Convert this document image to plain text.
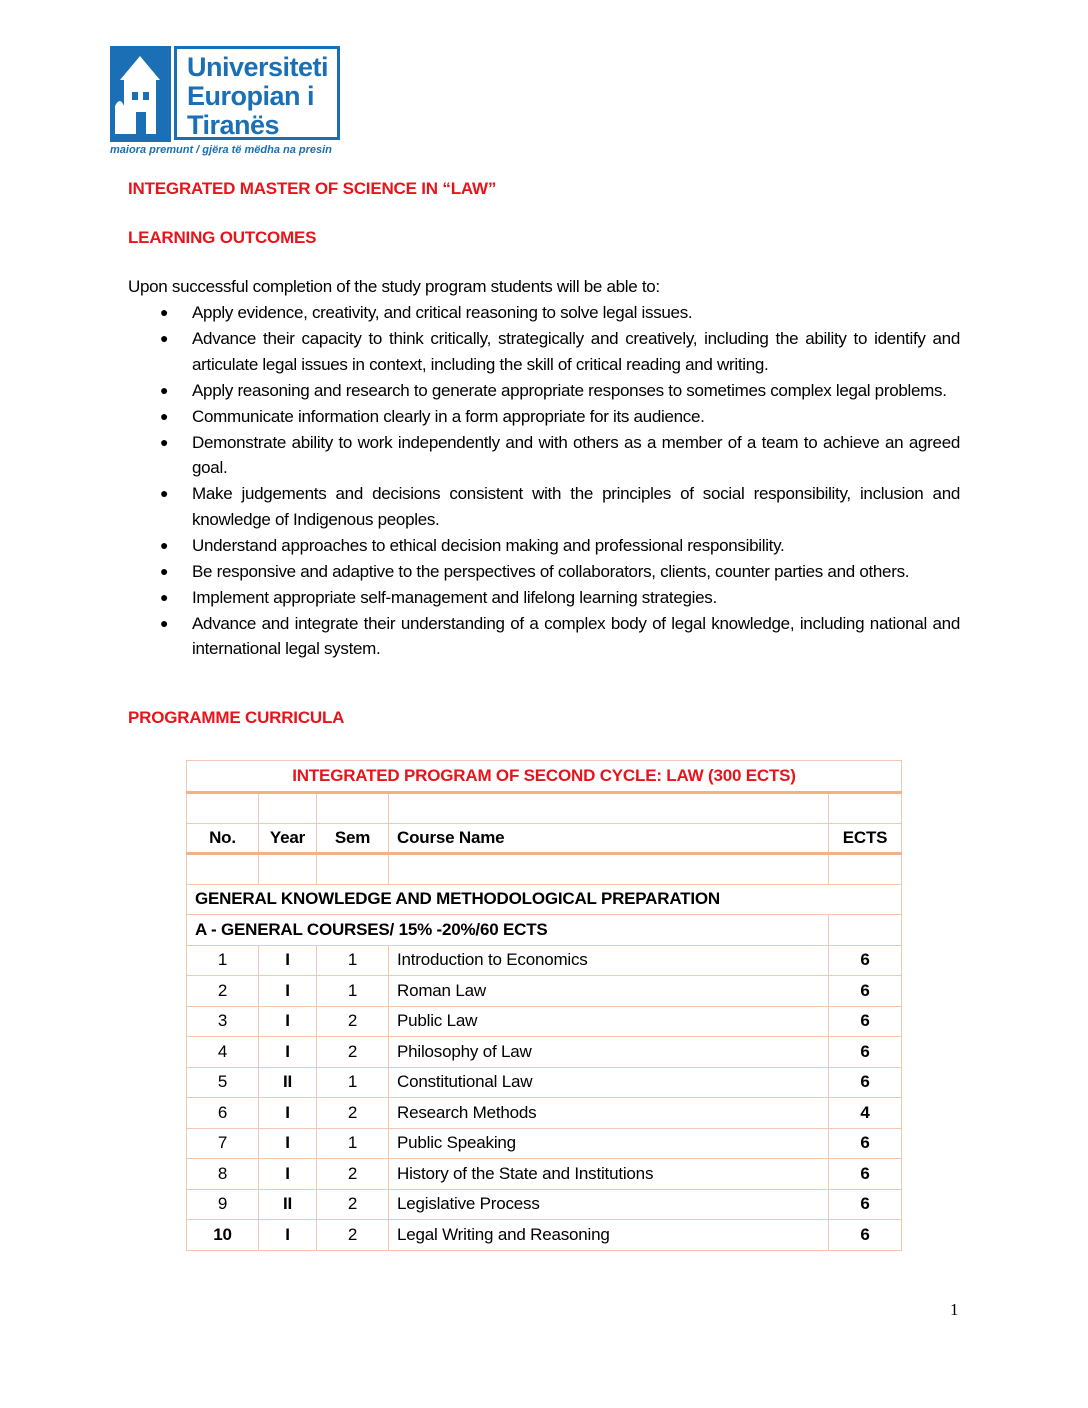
Universiteti
Europian i
Tiranës
maiora premunt / gjëra të mëdha na presin
INTEGRATED MASTER OF SCIENCE IN “LAW”
LEARNING OUTCOMES
Upon successful completion of the study program students will be able to:
● Apply evidence, creativity, and critical reasoning to solve legal issues.
● Advance their capacity to think critically, strategically and creatively, including the ability to identify and articulate legal issues in context, including the skill of critical reading and writing.
● Apply reasoning and research to generate appropriate responses to sometimes complex legal problems.
● Communicate information clearly in a form appropriate for its audience.
● Demonstrate ability to work independently and with others as a member of a team to achieve an agreed goal.
● Make judgements and decisions consistent with the principles of social responsibility, inclusion and knowledge of Indigenous peoples.
● Understand approaches to ethical decision making and professional responsibility.
● Be responsive and adaptive to the perspectives of collaborators, clients, counter parties and others.
● Implement appropriate self-management and lifelong learning strategies.
● Advance and integrate their understanding of a complex body of legal knowledge, including national and international legal system.
PROGRAMME CURRICULA
INTEGRATED PROGRAM OF SECOND CYCLE: LAW (300 ECTS)				

No.	Year	Sem	Course Name	ECTS

GENERAL KNOWLEDGE AND METHODOLOGICAL PREPARATION				
A - GENERAL COURSES/ 15% -20%/60 ECTS				
1	I	1	Introduction to Economics	6
2	I	1	Roman Law	6
3	I	2	Public Law	6
4	I	2	Philosophy of Law	6
5	II	1	Constitutional Law	6
6	I	2	Research Methods	4
7	I	1	Public Speaking	6
8	I	2	History of the State and Institutions	6
9	II	2	Legislative Process	6
10	I	2	Legal Writing and Reasoning	6
1
